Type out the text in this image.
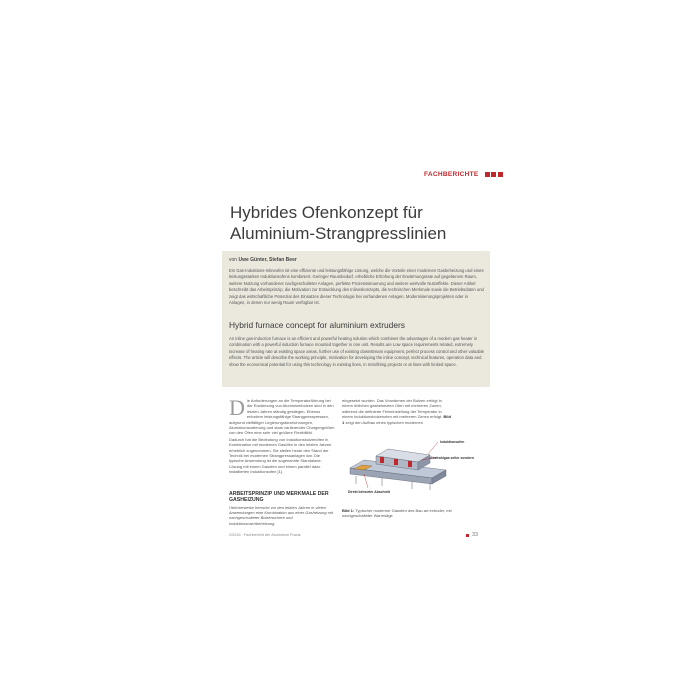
FACHBERICHTE
Hybrides Ofenkonzept für
Aluminium-Strangpresslinien
von Uwe Günter, Stefan Beer
Ein Gas-Induktions-Inlineofen ist eine effiziente und leistungsfähige Lösung, welche die Vorteile einer modernen Gasbeheizung und eines leistungsstarken Induktionsofens kombiniert. Geringer Raumbedarf, erhebliche Erhöhung der Erwärmungsrate auf gegebenem Raum, weitere Nutzung vorhandener nachgeschalteter Anlagen, perfekte Prozesssteuerung und weitere wertvolle Nutzeffekte. Dieser Artikel beschreibt das Arbeitsprinzip, die Motivation zur Entwicklung des Inlineskonzepts, die technischen Merkmale sowie die Betriebsdaten und zeigt das wirtschaftliche Potenzial des Einsatzes dieser Technologie bei vorhandenen Anlagen, Modernisierungsprojekten oder in Anlagen, in denen nur wenig Raum verfügbar ist.
Hybrid furnace concept for aluminium extruders
An inline gas-induction furnace is an efficient and powerful heating solution which combines the advantages of a modern gas heater in combination with a powerful induction furnace mounted together in one unit. Results are Low space requirements related, extremely increase of heating rate at existing space areas, further use of existing downstream equipment, perfect process control and other valuable effects. The article will describe the working principle, motivation for developing the inline concept, technical features, operation data and show the economical potential for using this technology in existing lines, in retrofitting projects or at lines with limited space.

Die Anforderungen an die Temperaturführung bei der Erwärmung von Aluminiumbolzen sind in den letzten Jahren ständig gestiegen. Ebenso erfordern leistungsfähige Strangpresspressen, aufgrund vielfältiger Legierungsbezeichnungen, Aluminiumsortierung und stark variierender Chargengrößen von den Öfen eine sehr viel größere Flexibilität.

Dadurch hat die Bedeutung von Induktionsbolzenöfen in Kombination mit modernen Gasöfen in den letzten Jahren erheblich zugenommen. Sie stellen heute den Stand der Technik bei modernen Strangpressanlagen dar. Die typische Anwendung ist die sogenannte Standalone-Lösung mit einem Gasofen und einem parallel dazu installierten Induktionsofen [1].

ARBEITSPRINZIP UND MERKMALE DER GASHEIZUNG
Üblicherweise herrscht vor den letzten Jahren in vielen Anwendungen eine Kombination aus einer Gasheizung mit nachgeschalteter Bolzenschere und Induktionsnachbeheizung
eingesetzt wurden. Das Vorwärmen der Bolzen erfolgt in einem üblichen gasbeheizten Ofen mit mehreren Zonen, während die definierte Feineinstellung der Temperatur in einem Induktionsbolzenofen mit mehreren Zonen erfolgt. Bild 1 zeigt den Aufbau eines typischen modernen
Induktionsofen
Abstrahlgas seiter sondern
Direkt beheizter Abschnitt
Bild 1: Typischer moderner Gasofen des Bau art extruder, mit nachgeschalteter Warmsäge
2/2016 · Fachbericht der Aluminium Praxis	33
